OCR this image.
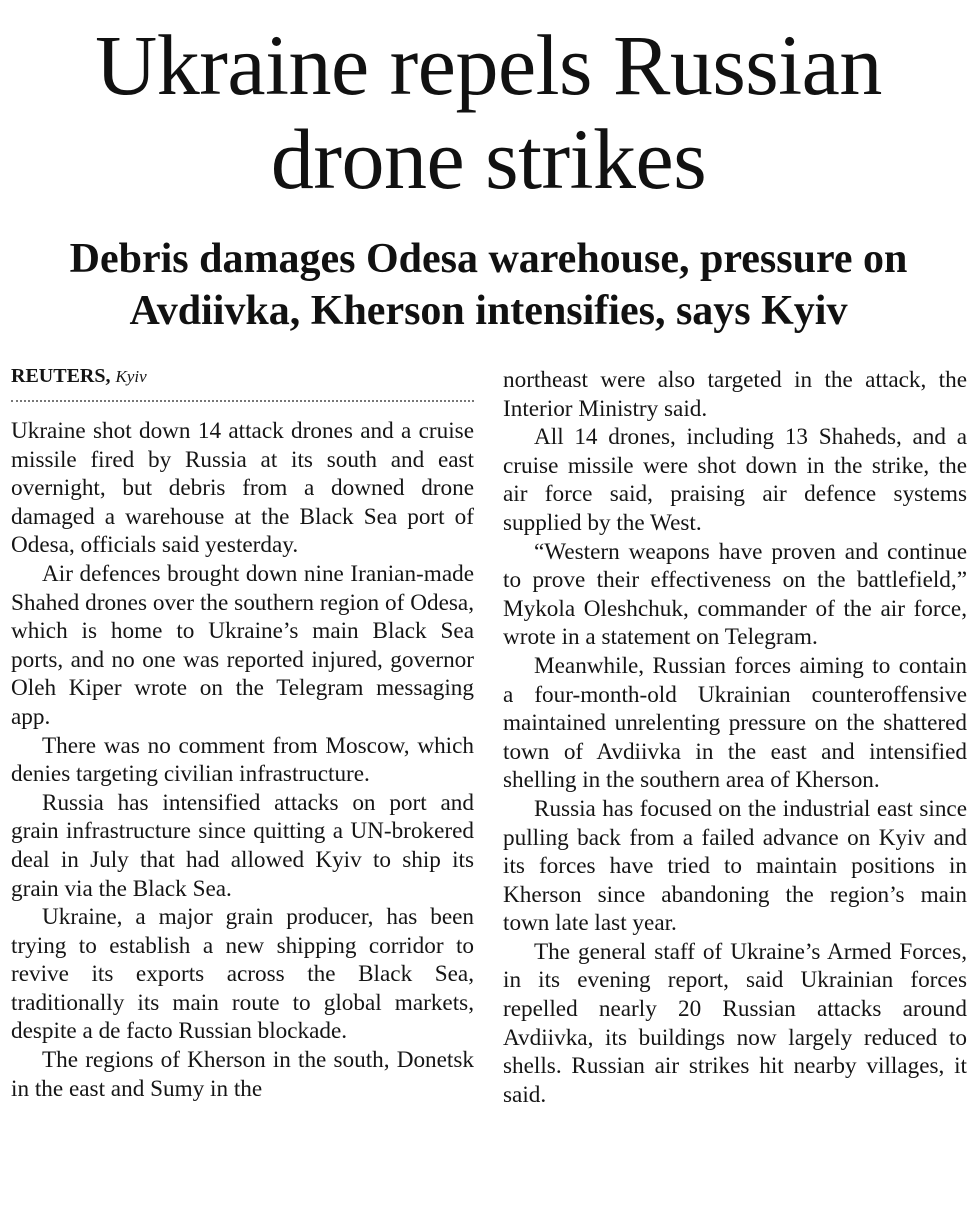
Ukraine repels Russian drone strikes
Debris damages Odesa warehouse, pressure on Avdiivka, Kherson intensifies, says Kyiv
REUTERS, Kyiv

Ukraine shot down 14 attack drones and a cruise missile fired by Russia at its south and east overnight, but debris from a downed drone damaged a warehouse at the Black Sea port of Odesa, officials said yesterday.

Air defences brought down nine Iranian-made Shahed drones over the southern region of Odesa, which is home to Ukraine’s main Black Sea ports, and no one was reported injured, governor Oleh Kiper wrote on the Telegram messaging app.

There was no comment from Moscow, which denies targeting civilian infrastructure.

Russia has intensified attacks on port and grain infrastructure since quitting a UN-brokered deal in July that had allowed Kyiv to ship its grain via the Black Sea.

Ukraine, a major grain producer, has been trying to establish a new shipping corridor to revive its exports across the Black Sea, traditionally its main route to global markets, despite a de facto Russian blockade.

The regions of Kherson in the south, Donetsk in the east and Sumy in the

northeast were also targeted in the attack, the Interior Ministry said.

All 14 drones, including 13 Shaheds, and a cruise missile were shot down in the strike, the air force said, praising air defence systems supplied by the West.

“Western weapons have proven and continue to prove their effectiveness on the battlefield,” Mykola Oleshchuk, commander of the air force, wrote in a statement on Telegram.

Meanwhile, Russian forces aiming to contain a four-month-old Ukrainian counteroffensive maintained unrelenting pressure on the shattered town of Avdiivka in the east and intensified shelling in the southern area of Kherson.

Russia has focused on the industrial east since pulling back from a failed advance on Kyiv and its forces have tried to maintain positions in Kherson since abandoning the region’s main town late last year.

The general staff of Ukraine’s Armed Forces, in its evening report, said Ukrainian forces repelled nearly 20 Russian attacks around Avdiivka, its buildings now largely reduced to shells. Russian air strikes hit nearby villages, it said.
